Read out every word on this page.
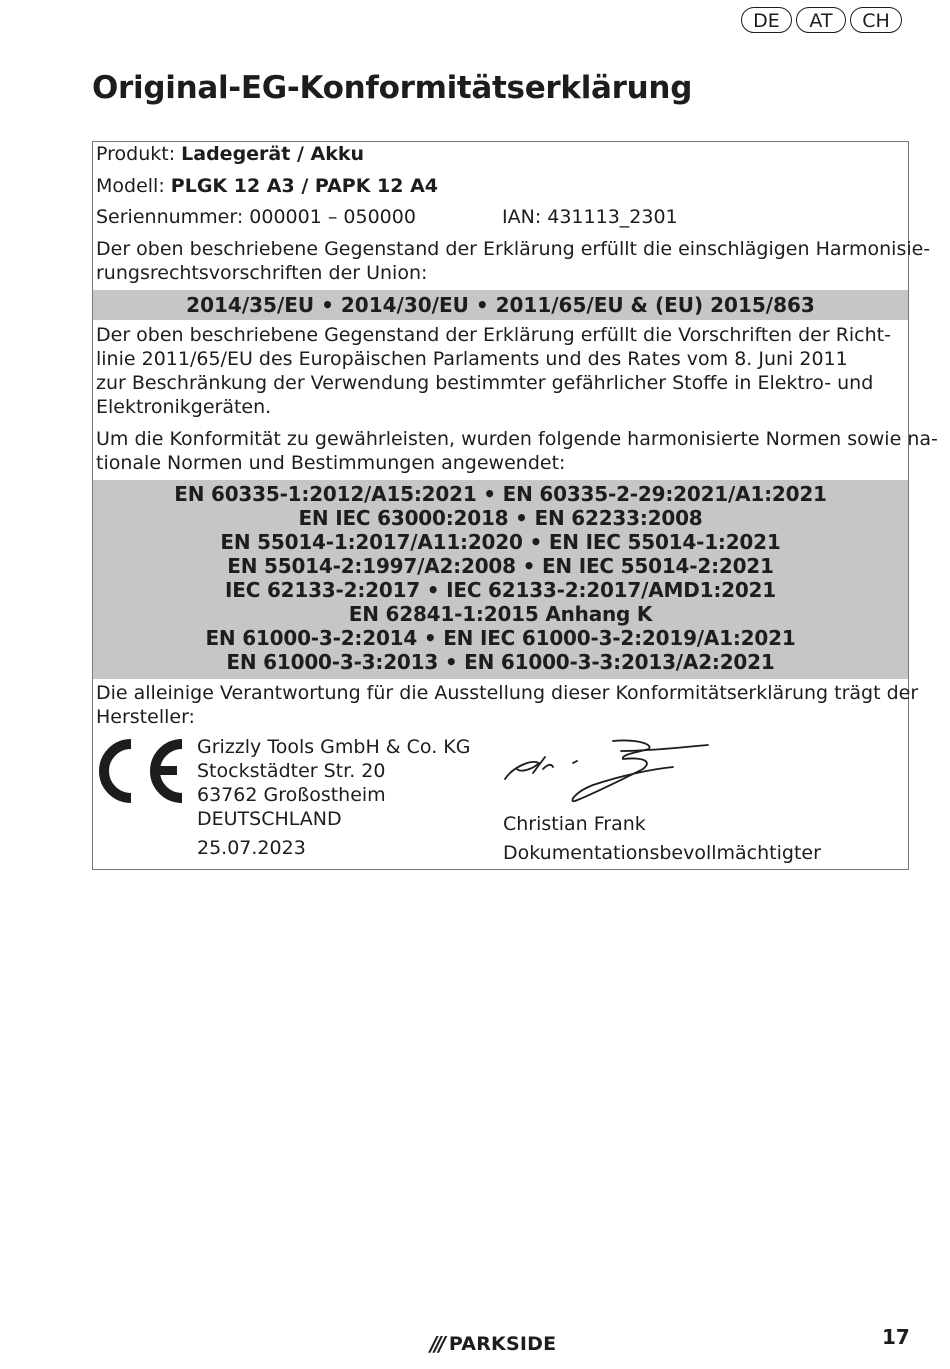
DE	AT	CH
Original-EG-Konformitätserklärung
Produkt: Ladegerät / Akku
Modell: PLGK 12 A3 / PAPK 12 A4
Seriennummer: 000001 – 050000	IAN: 431113_2301
Der oben beschriebene Gegenstand der Erklärung erfüllt die einschlägigen Harmonisie-
rungsrechtsvorschriften der Union:
2014/35/EU • 2014/30/EU • 2011/65/EU & (EU) 2015/863
Der oben beschriebene Gegenstand der Erklärung erfüllt die Vorschriften der Richt-
linie 2011/65/EU des Europäischen Parlaments und des Rates vom 8. Juni 2011
zur Beschränkung der Verwendung bestimmter gefährlicher Stoffe in Elektro- und
Elektronikgeräten.
Um die Konformität zu gewährleisten, wurden folgende harmonisierte Normen sowie na-
tionale Normen und Bestimmungen angewendet:
EN 60335-1:2012/A15:2021 • EN 60335-2-29:2021/A1:2021
EN IEC 63000:2018 • EN 62233:2008
EN 55014-1:2017/A11:2020 • EN IEC 55014-1:2021
EN 55014-2:1997/A2:2008 • EN IEC 55014-2:2021
IEC 62133-2:2017 • IEC 62133-2:2017/AMD1:2021
EN 62841-1:2015 Anhang K
EN 61000-3-2:2014 • EN IEC 61000-3-2:2019/A1:2021
EN 61000-3-3:2013 • EN 61000-3-3:2013/A2:2021
Die alleinige Verantwortung für die Ausstellung dieser Konformitätserklärung trägt der
Hersteller:
Grizzly Tools GmbH & Co. KG
Stockstädter Str. 20
63762 Großostheim
DEUTSCHLAND
25.07.2023
Christian Frank
Dokumentationsbevollmächtigter
/// PARKSIDE	17
